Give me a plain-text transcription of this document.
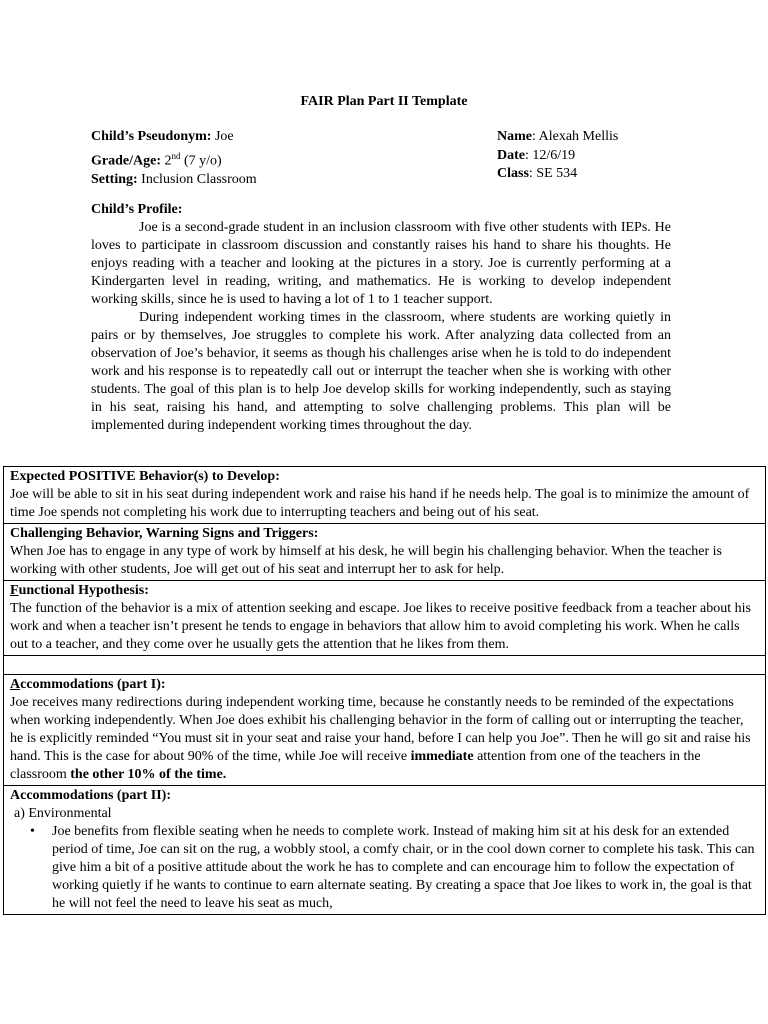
FAIR Plan Part II Template
Child’s Pseudonym: Joe
Grade/Age: 2nd (7 y/o)
Setting: Inclusion Classroom
Name: Alexah Mellis
Date: 12/6/19
Class: SE 534
Child’s Profile:

Joe is a second-grade student in an inclusion classroom with five other students with IEPs. He loves to participate in classroom discussion and constantly raises his hand to share his thoughts. He enjoys reading with a teacher and looking at the pictures in a story. Joe is currently performing at a Kindergarten level in reading, writing, and mathematics. He is working to develop independent working skills, since he is used to having a lot of 1 to 1 teacher support.

During independent working times in the classroom, where students are working quietly in pairs or by themselves, Joe struggles to complete his work. After analyzing data collected from an observation of Joe’s behavior, it seems as though his challenges arise when he is told to do independent work and his response is to repeatedly call out or interrupt the teacher when she is working with other students. The goal of this plan is to help Joe develop skills for working independently, such as staying in his seat, raising his hand, and attempting to solve challenging problems. This plan will be implemented during independent working times throughout the day.

Expected POSITIVE Behavior(s) to Develop:
Joe will be able to sit in his seat during independent work and raise his hand if he needs help. The goal is to minimize the amount of time Joe spends not completing his work due to interrupting teachers and being out of his seat.
Challenging Behavior, Warning Signs and Triggers:
When Joe has to engage in any type of work by himself at his desk, he will begin his challenging behavior. When the teacher is working with other students, Joe will get out of his seat and interrupt her to ask for help.
Functional Hypothesis:
The function of the behavior is a mix of attention seeking and escape. Joe likes to receive positive feedback from a teacher about his work and when a teacher isn’t present he tends to engage in behaviors that allow him to avoid completing his work. When he calls out to a teacher, and they come over he usually gets the attention that he likes from them.
Accommodations (part I):
Joe receives many redirections during independent working time, because he constantly needs to be reminded of the expectations when working independently. When Joe does exhibit his challenging behavior in the form of calling out or interrupting the teacher, he is explicitly reminded “You must sit in your seat and raise your hand, before I can help you Joe”. Then he will go sit and raise his hand. This is the case for about 90% of the time, while Joe will receive immediate attention from one of the teachers in the classroom the other 10% of the time.
Accommodations (part II):
a) Environmental
•	Joe benefits from flexible seating when he needs to complete work. Instead of making him sit at his desk for an extended period of time, Joe can sit on the rug, a wobbly stool, a comfy chair, or in the cool down corner to complete his task. This can give him a bit of a positive attitude about the work he has to complete and can encourage him to follow the expectation of working quietly if he wants to continue to earn alternate seating. By creating a space that Joe likes to work in, the goal is that he will not feel the need to leave his seat as much,
